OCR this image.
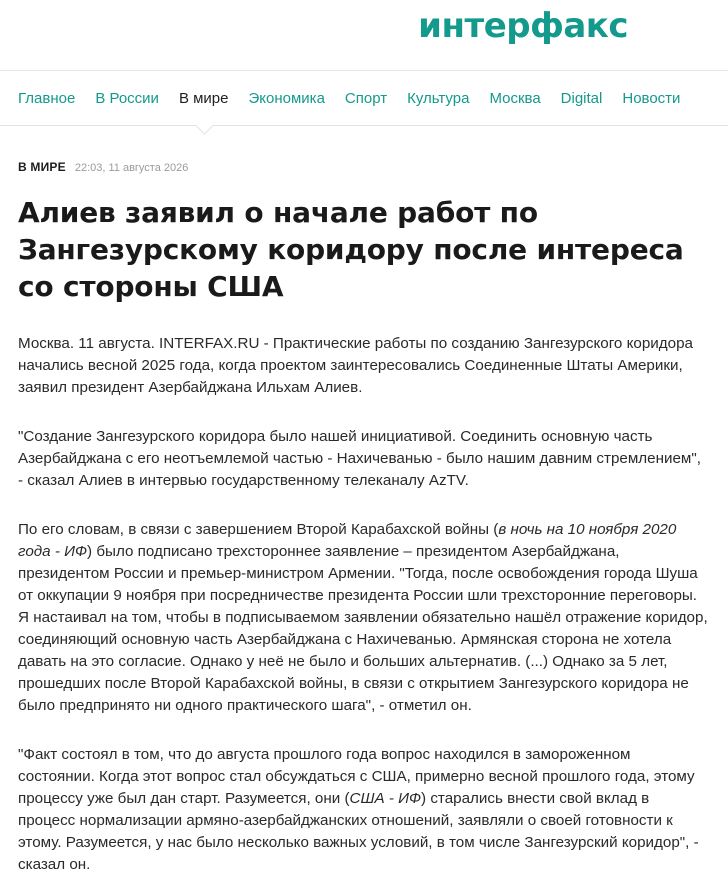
интерфакс
Главное В России В мире Экономика Спорт Культура Москва Digital Новости
В МИРЕ 22:03, 11 августа 2026
Алиев заявил о начале работ по Зангезурскому коридору после интереса со стороны США

Москва. 11 августа. INTERFAX.RU - Практические работы по созданию Зангезурского коридора начались весной 2025 года, когда проектом заинтересовались Соединенные Штаты Америки, заявил президент Азербайджана Ильхам Алиев.

"Создание Зангезурского коридора было нашей инициативой. Соединить основную часть Азербайджана с его неотъемлемой частью - Нахичеванью - было нашим давним стремлением", - сказал Алиев в интервью государственному телеканалу AzTV.

По его словам, в связи с завершением Второй Карабахской войны (в ночь на 10 ноября 2020 года - ИФ) было подписано трехстороннее заявление – президентом Азербайджана, президентом России и премьер-министром Армении. "Тогда, после освобождения города Шуша от оккупации 9 ноября при посредничестве президента России шли трехсторонние переговоры. Я настаивал на том, чтобы в подписываемом заявлении обязательно нашёл отражение коридор, соединяющий основную часть Азербайджана с Нахичеванью. Армянская сторона не хотела давать на это согласие. Однако у неё не было и больших альтернатив. (...) Однако за 5 лет, прошедших после Второй Карабахской войны, в связи с открытием Зангезурского коридора не было предпринято ни одного практического шага", - отметил он.

"Факт состоял в том, что до августа прошлого года вопрос находился в замороженном состоянии. Когда этот вопрос стал обсуждаться с США, примерно весной прошлого года, этому процессу уже был дан старт. Разумеется, они (США - ИФ) старались внести свой вклад в процесс нормализации армяно-азербайджанских отношений, заявляли о своей готовности к этому. Разумеется, у нас было несколько важных условий, в том числе Зангезурский коридор", - сказал он.
